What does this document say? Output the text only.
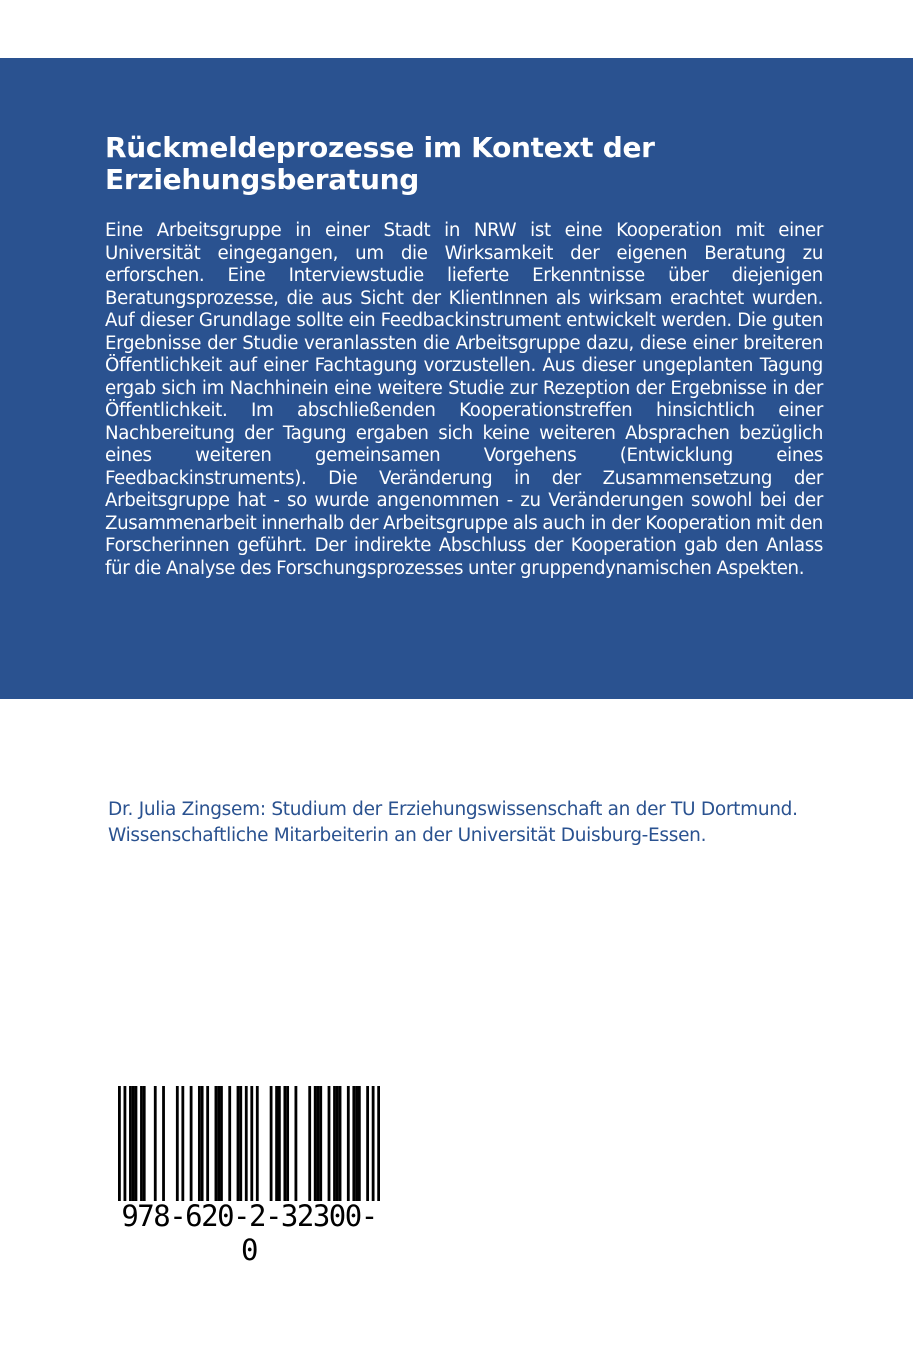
Rückmeldeprozesse im Kontext der Erziehungsberatung

Eine Arbeitsgruppe in einer Stadt in NRW ist eine Kooperation mit einer Universität eingegangen, um die Wirksamkeit der eigenen Beratung zu erforschen. Eine Interviewstudie lieferte Erkenntnisse über diejenigen Beratungsprozesse, die aus Sicht der KlientInnen als wirksam erachtet wurden. Auf dieser Grundlage sollte ein Feedbackinstrument entwickelt werden. Die guten Ergebnisse der Studie veranlassten die Arbeitsgruppe dazu, diese einer breiteren Öffentlichkeit auf einer Fachtagung vorzustellen. Aus dieser ungeplanten Tagung ergab sich im Nachhinein eine weitere Studie zur Rezeption der Ergebnisse in der Öffentlichkeit. Im abschließenden Kooperationstreffen hinsichtlich einer Nachbereitung der Tagung ergaben sich keine weiteren Absprachen bezüglich eines weiteren gemeinsamen Vorgehens (Entwicklung eines Feedbackinstruments). Die Veränderung in der Zusammensetzung der Arbeitsgruppe hat - so wurde angenommen - zu Veränderungen sowohl bei der Zusammenarbeit innerhalb der Arbeitsgruppe als auch in der Kooperation mit den Forscherinnen geführt. Der indirekte Abschluss der Kooperation gab den Anlass für die Analyse des Forschungsprozesses unter gruppendynamischen Aspekten.

Dr. Julia Zingsem: Studium der Erziehungswissenschaft an der TU Dortmund. Wissenschaftliche Mitarbeiterin an der Universität Duisburg-Essen.

978-620-2-32300-0
